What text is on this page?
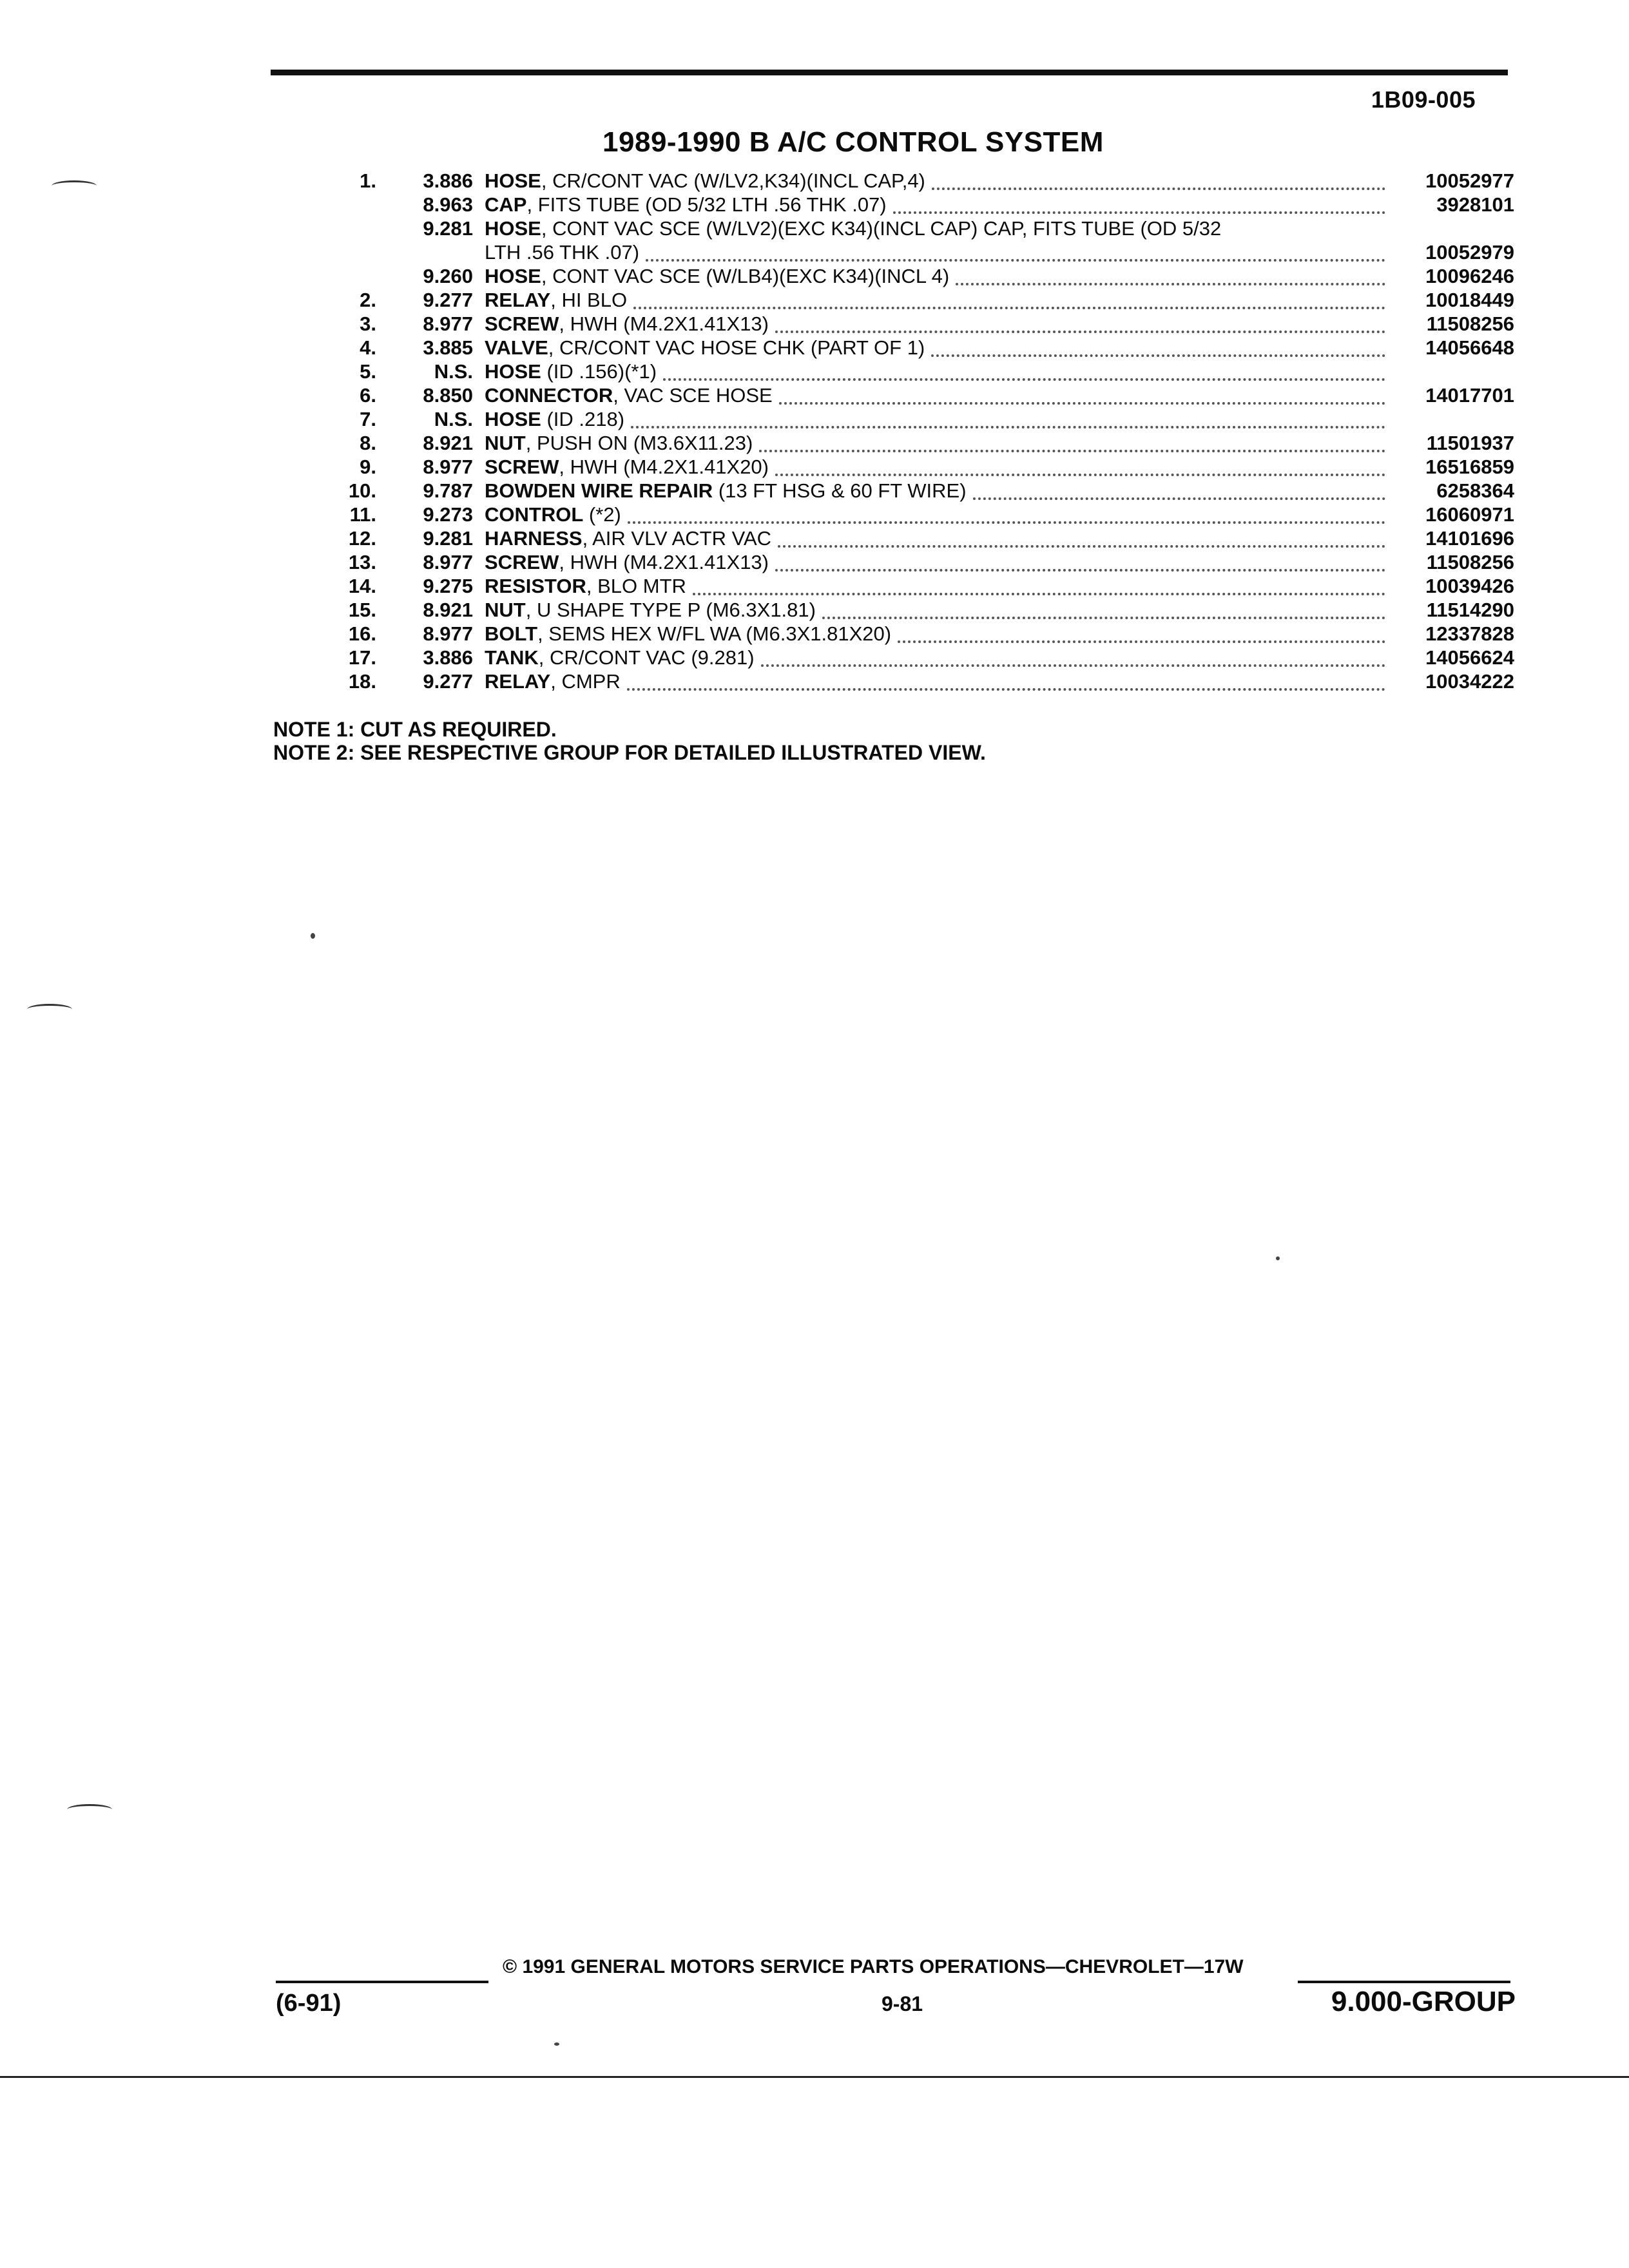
1B09-005
1989-1990 B A/C CONTROL SYSTEM
1.	3.886 HOSE, CR/CONT VAC (W/LV2,K34)(INCL CAP,4)	10052977
8.963 CAP, FITS TUBE (OD 5/32 LTH .56 THK .07)	3928101
9.281 HOSE, CONT VAC SCE (W/LV2)(EXC K34)(INCL CAP) CAP, FITS TUBE (OD 5/32
LTH .56 THK .07)	10052979
9.260 HOSE, CONT VAC SCE (W/LB4)(EXC K34)(INCL 4)	10096246
2.	9.277 RELAY, HI BLO	10018449
3.	8.977 SCREW, HWH (M4.2X1.41X13)	11508256
4.	3.885 VALVE, CR/CONT VAC HOSE CHK (PART OF 1)	14056648
5.	N.S. HOSE (ID .156)(*1)
6.	8.850 CONNECTOR, VAC SCE HOSE	14017701
7.	N.S. HOSE (ID .218)
8.	8.921 NUT, PUSH ON (M3.6X11.23)	11501937
9.	8.977 SCREW, HWH (M4.2X1.41X20)	16516859
10.	9.787 BOWDEN WIRE REPAIR (13 FT HSG & 60 FT WIRE)	6258364
11.	9.273 CONTROL (*2)	16060971
12.	9.281 HARNESS, AIR VLV ACTR VAC	14101696
13.	8.977 SCREW, HWH (M4.2X1.41X13)	11508256
14.	9.275 RESISTOR, BLO MTR	10039426
15.	8.921 NUT, U SHAPE TYPE P (M6.3X1.81)	11514290
16.	8.977 BOLT, SEMS HEX W/FL WA (M6.3X1.81X20)	12337828
17.	3.886 TANK, CR/CONT VAC (9.281)	14056624
18.	9.277 RELAY, CMPR	10034222
NOTE 1: CUT AS REQUIRED.
NOTE 2: SEE RESPECTIVE GROUP FOR DETAILED ILLUSTRATED VIEW.
© 1991 GENERAL MOTORS SERVICE PARTS OPERATIONS—CHEVROLET—17W
(6-91)	9-81	9.000-GROUP
